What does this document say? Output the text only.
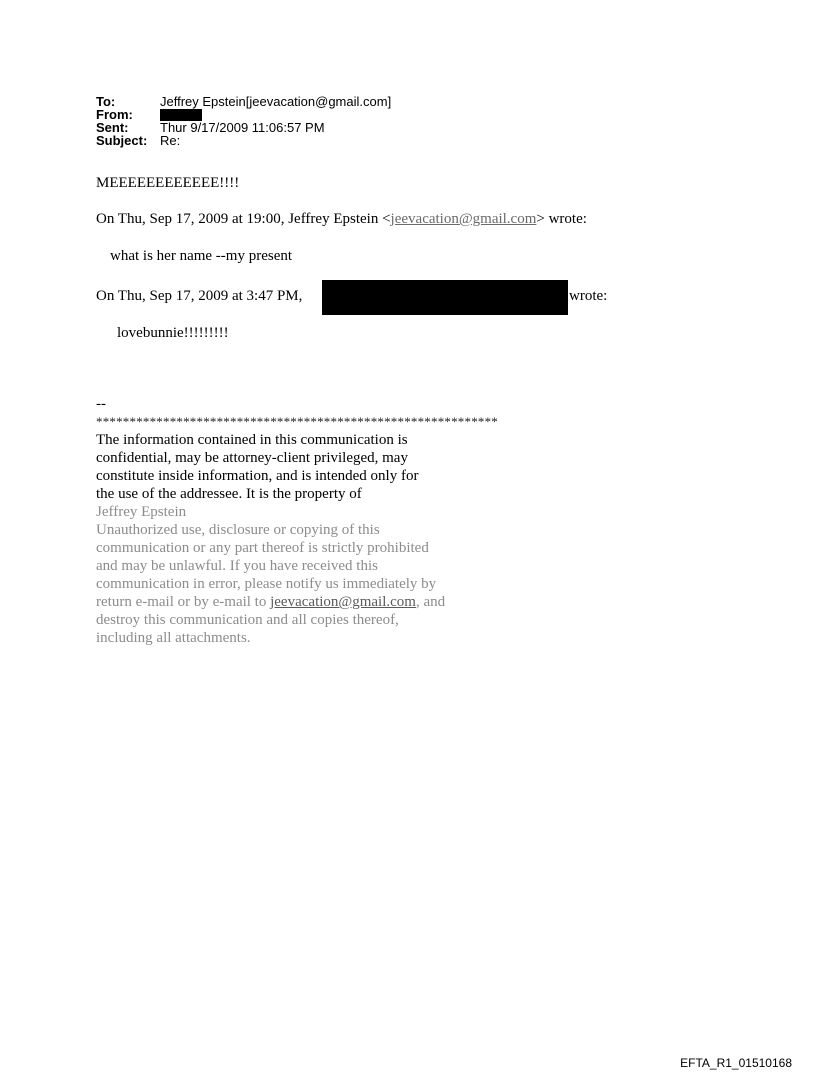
To:	Jeffrey Epstein[jeevacation@gmail.com]
From:
Sent:	Thur 9/17/2009 11:06:57 PM
Subject: Re:
MEEEEEEEEEEEE!!!!
On Thu, Sep 17, 2009 at 19:00, Jeffrey Epstein <jeevacation@gmail.com> wrote:
what is her name --my present
On Thu, Sep 17, 2009 at 3:47 PM,	wrote:
lovebunnie!!!!!!!!!
--
************************************************************
The information contained in this communication is
confidential, may be attorney-client privileged, may
constitute inside information, and is intended only for
the use of the addressee. It is the property of
Jeffrey Epstein
Unauthorized use, disclosure or copying of this
communication or any part thereof is strictly prohibited
and may be unlawful. If you have received this
communication in error, please notify us immediately by
return e-mail or by e-mail to jeevacation@gmail.com, and
destroy this communication and all copies thereof,
including all attachments.
EFTA_R1_01510168
